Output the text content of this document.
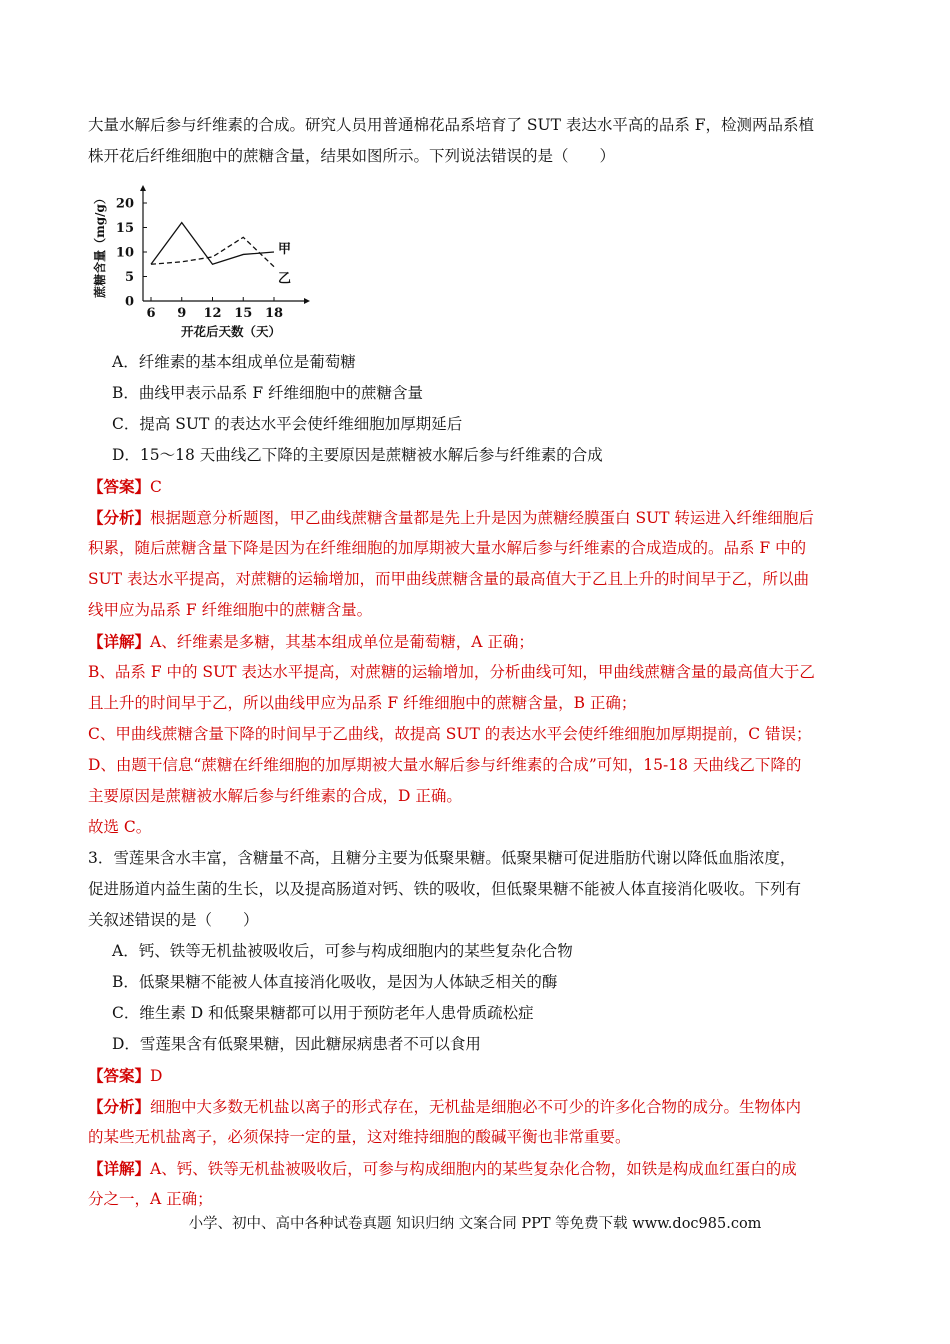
大量水解后参与纤维素的合成。研究人员用普通棉花品系培育了 SUT 表达水平高的品系 F，检测两品系植

株开花后纤维细胞中的蔗糖含量，结果如图所示。下列说法错误的是（　　）

6 9 12 15 18
0
5
10
15
20
甲
乙
蔗糖含量（mg/g）
开花后天数（天）

A．纤维素的基本组成单位是葡萄糖

B．曲线甲表示品系 F 纤维细胞中的蔗糖含量

C．提高 SUT 的表达水平会使纤维细胞加厚期延后

D．15～18 天曲线乙下降的主要原因是蔗糖被水解后参与纤维素的合成

【答案】C

【分析】根据题意分析题图，甲乙曲线蔗糖含量都是先上升是因为蔗糖经膜蛋白 SUT 转运进入纤维细胞后

积累，随后蔗糖含量下降是因为在纤维细胞的加厚期被大量水解后参与纤维素的合成造成的。品系 F 中的

SUT 表达水平提高，对蔗糖的运输增加，而甲曲线蔗糖含量的最高值大于乙且上升的时间早于乙，所以曲

线甲应为品系 F 纤维细胞中的蔗糖含量。

【详解】A、纤维素是多糖，其基本组成单位是葡萄糖，A 正确；

B、品系 F 中的 SUT 表达水平提高，对蔗糖的运输增加，分析曲线可知，甲曲线蔗糖含量的最高值大于乙

且上升的时间早于乙，所以曲线甲应为品系 F 纤维细胞中的蔗糖含量，B 正确；

C、甲曲线蔗糖含量下降的时间早于乙曲线，故提高 SUT 的表达水平会使纤维细胞加厚期提前，C 错误；

D、由题干信息“蔗糖在纤维细胞的加厚期被大量水解后参与纤维素的合成”可知，15-18 天曲线乙下降的

主要原因是蔗糖被水解后参与纤维素的合成，D 正确。

故选 C。

3．雪莲果含水丰富，含糖量不高，且糖分主要为低聚果糖。低聚果糖可促进脂肪代谢以降低血脂浓度，

促进肠道内益生菌的生长，以及提高肠道对钙、铁的吸收，但低聚果糖不能被人体直接消化吸收。下列有

关叙述错误的是（　　）

A．钙、铁等无机盐被吸收后，可参与构成细胞内的某些复杂化合物

B．低聚果糖不能被人体直接消化吸收，是因为人体缺乏相关的酶

C．维生素 D 和低聚果糖都可以用于预防老年人患骨质疏松症

D．雪莲果含有低聚果糖，因此糖尿病患者不可以食用

【答案】D

【分析】细胞中大多数无机盐以离子的形式存在，无机盐是细胞必不可少的许多化合物的成分。生物体内

的某些无机盐离子，必须保持一定的量，这对维持细胞的酸碱平衡也非常重要。

【详解】A、钙、铁等无机盐被吸收后，可参与构成细胞内的某些复杂化合物，如铁是构成血红蛋白的成

分之一，A 正确；

小学、初中、高中各种试卷真题 知识归纳 文案合同 PPT 等免费下载 www.doc985.com
